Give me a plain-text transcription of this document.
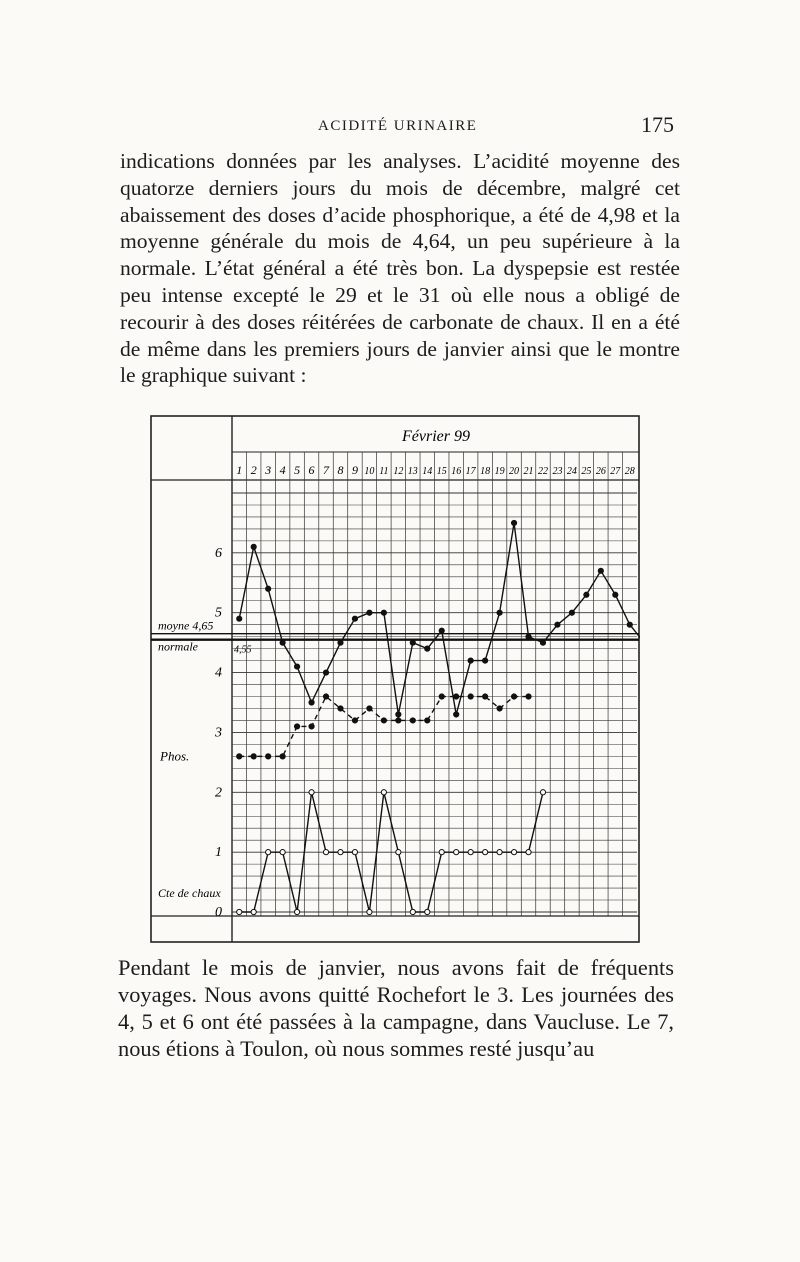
ACIDITÉ URINAIRE	175

indications données par les analyses. L’acidité moyenne des quatorze derniers jours du mois de décembre, malgré cet abaissement des doses d’acide phosphorique, a été de 4,98 et la moyenne générale du mois de 4,64, un peu supérieure à la normale. L’état général a été très bon. La dyspepsie est restée peu intense excepté le 29 et le 31 où elle nous a obligé de recourir à des doses réitérées de carbonate de chaux. Il en a été de même dans les premiers jours de janvier ainsi que le montre le graphique suivant :

Février 99
1 2 3 4 5 6 7 8 9 10 11 12 13 14 15 16 17 18 19 20 21 22 23 24 25 26 27 28
6
5
4
3
2
1
0
moyne 4,65
normale	4,55
Phos.
Cte de chaux

Pendant le mois de janvier, nous avons fait de fréquents voyages. Nous avons quitté Rochefort le 3. Les journées des 4, 5 et 6 ont été passées à la campagne, dans Vaucluse. Le 7, nous étions à Toulon, où nous sommes resté jusqu’au
